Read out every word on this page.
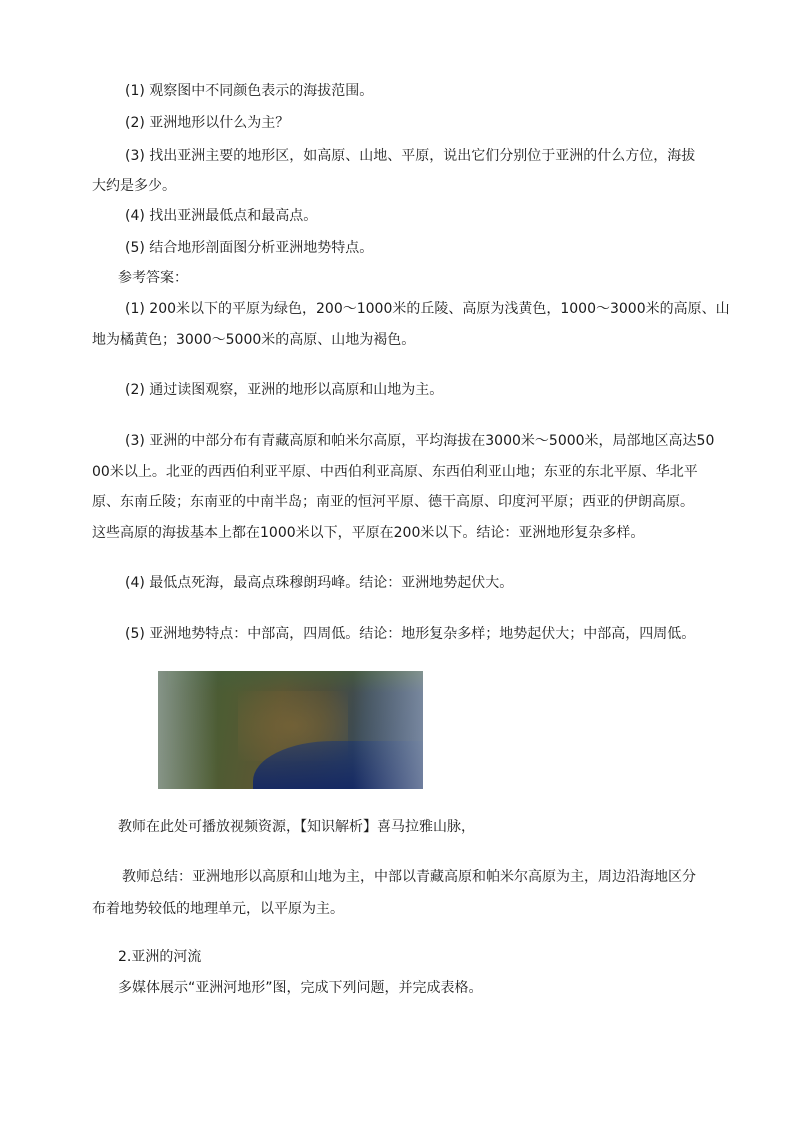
(1) 观察图中不同颜色表示的海拔范围。
(2) 亚洲地形以什么为主？
(3) 找出亚洲主要的地形区，如高原、山地、平原，说出它们分别位于亚洲的什么方位，海拔
大约是多少。
(4) 找出亚洲最低点和最高点。
(5) 结合地形剖面图分析亚洲地势特点。
参考答案：
(1) 200米以下的平原为绿色，200～1000米的丘陵、高原为浅黄色，1000～3000米的高原、山
地为橘黄色；3000～5000米的高原、山地为褐色。
(2) 通过读图观察，亚洲的地形以高原和山地为主。
(3) 亚洲的中部分布有青藏高原和帕米尔高原，平均海拔在3000米～5000米，局部地区高达50
00米以上。北亚的西西伯利亚平原、中西伯利亚高原、东西伯利亚山地；东亚的东北平原、华北平
原、东南丘陵；东南亚的中南半岛；南亚的恒河平原、德干高原、印度河平原；西亚的伊朗高原。
这些高原的海拔基本上都在1000米以下，平原在200米以下。结论：亚洲地形复杂多样。
(4) 最低点死海，最高点珠穆朗玛峰。结论：亚洲地势起伏大。
(5) 亚洲地势特点：中部高，四周低。结论：地形复杂多样；地势起伏大；中部高，四周低。
教师在此处可播放视频资源，【知识解析】喜马拉雅山脉，
教师总结：亚洲地形以高原和山地为主，中部以青藏高原和帕米尔高原为主，周边沿海地区分
布着地势较低的地理单元，以平原为主。
2.亚洲的河流
多媒体展示“亚洲河地形”图，完成下列问题，并完成表格。
